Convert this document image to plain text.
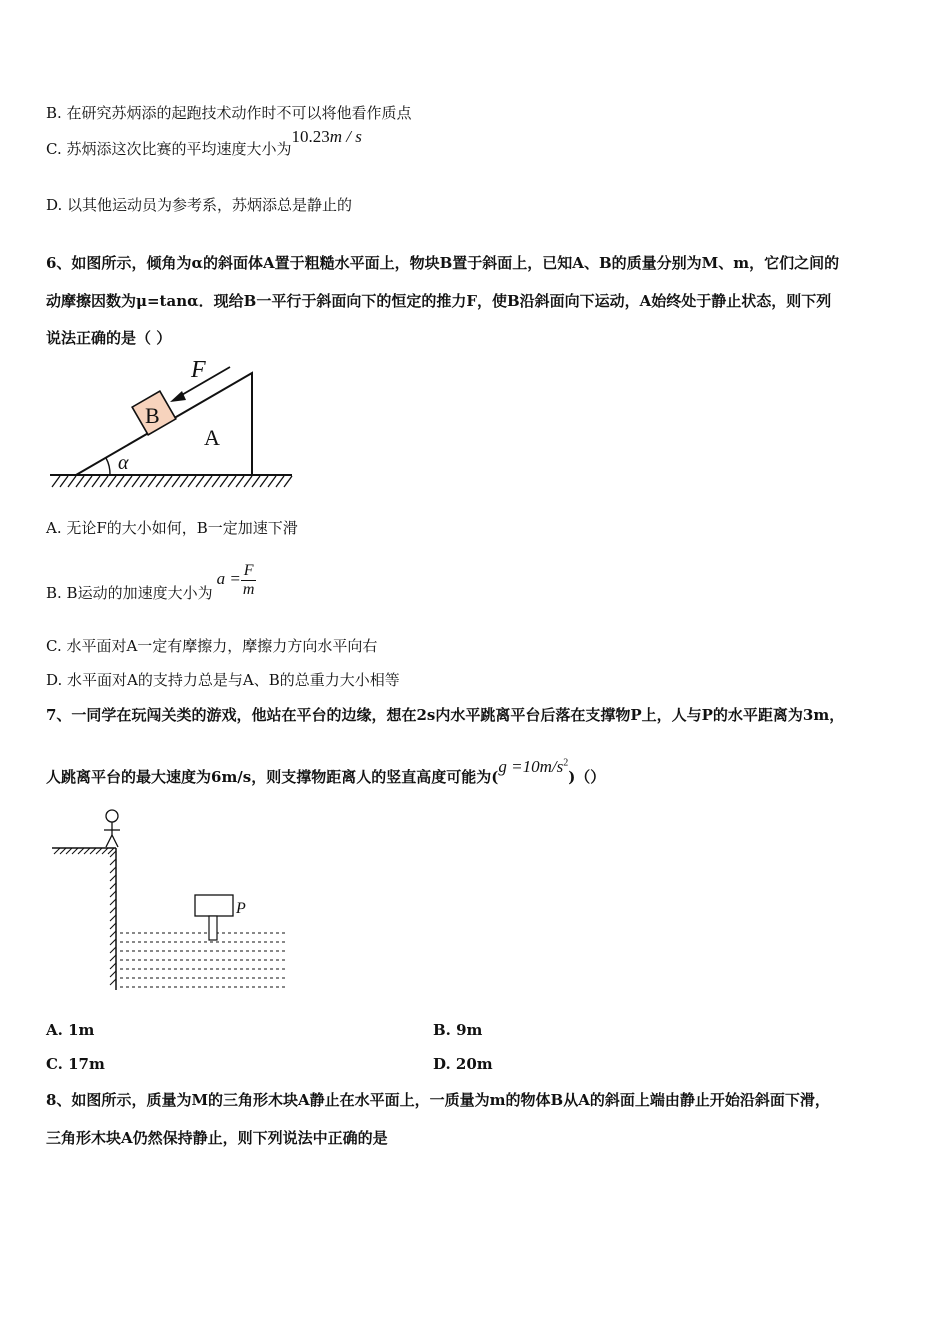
B. 在研究苏炳添的起跑技术动作时不可以将他看作质点
C. 苏炳添这次比赛的平均速度大小为10.23m / s
D. 以其他运动员为参考系，苏炳添总是静止的
6、如图所示，倾角为α的斜面体A置于粗糙水平面上，物块B置于斜面上，已知A、B的质量分别为M、m，它们之间的
动摩擦因数为μ=tanα．现给B一平行于斜面向下的恒定的推力F，使B沿斜面向下运动，A始终处于静止状态，则下列
说法正确的是（ ）
B
F
A
α
A. 无论F的大小如何，B一定加速下滑
B. B运动的加速度大小为$a = \frac{F}{m}$
C. 水平面对A一定有摩擦力，摩擦力方向水平向右
D. 水平面对A的支持力总是与A、B的总重力大小相等
7、一同学在玩闯关类的游戏，他站在平台的边缘，想在2s内水平跳离平台后落在支撑物P上，人与P的水平距离为3m，
人跳离平台的最大速度为6m/s，则支撑物距离人的竖直高度可能为$(g =10m/s^2)()$
P
A. 1m	B. 9m
C. 17m	D. 20m
8、如图所示，质量为M的三角形木块A静止在水平面上，一质量为m的物体B从A的斜面上端由静止开始沿斜面下滑，
三角形木块A仍然保持静止，则下列说法中正确的是
